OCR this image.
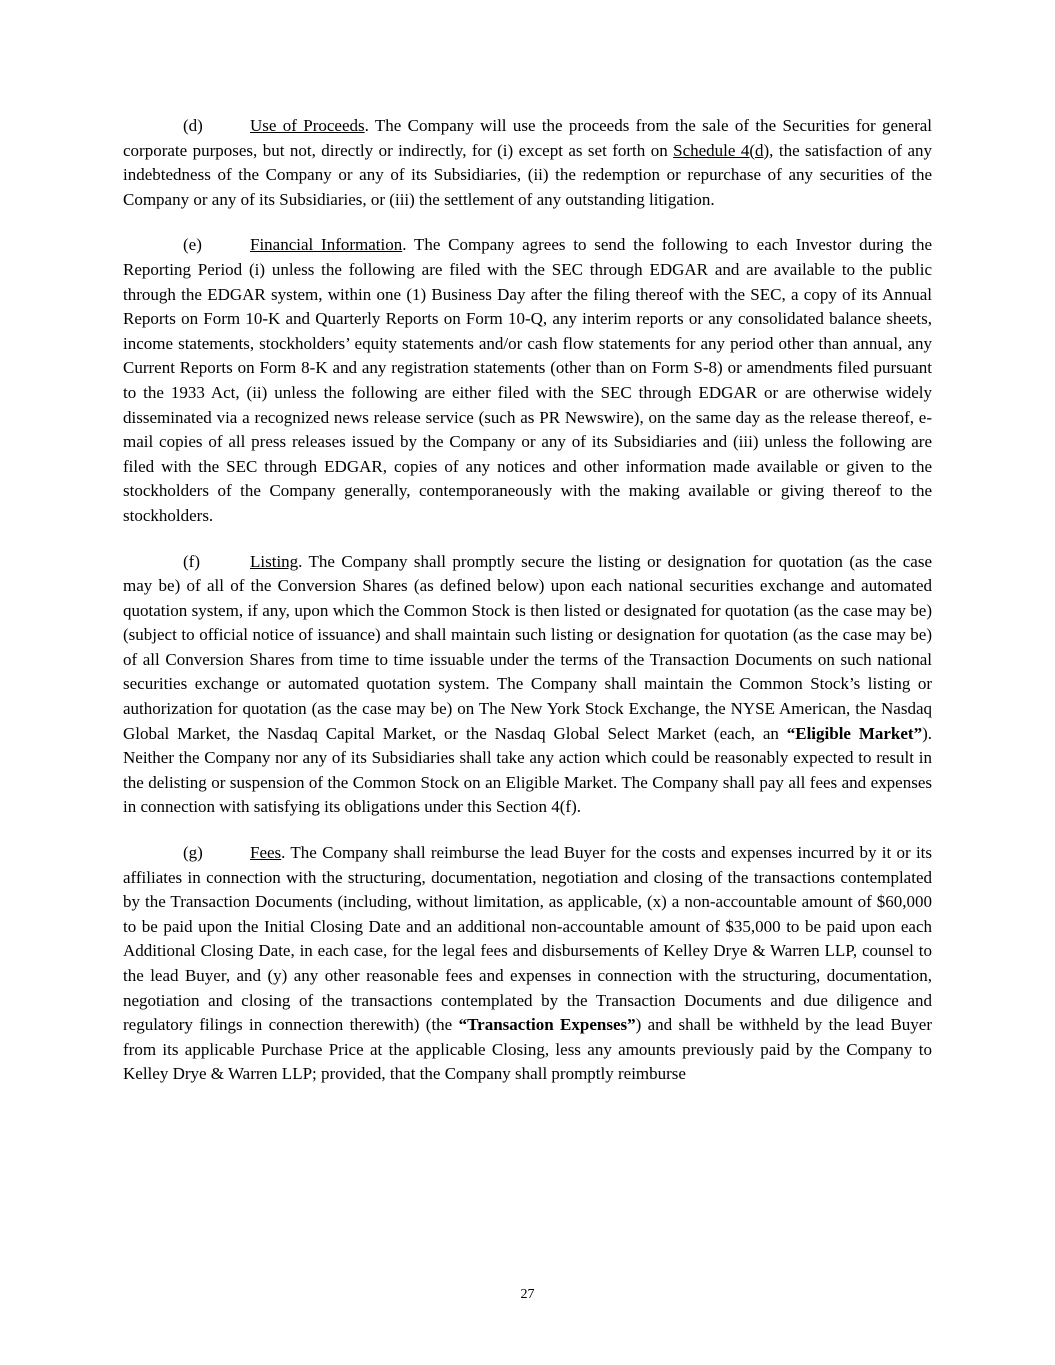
(d)	Use of Proceeds. The Company will use the proceeds from the sale of the Securities for general corporate purposes, but not, directly or indirectly, for (i) except as set forth on Schedule 4(d), the satisfaction of any indebtedness of the Company or any of its Subsidiaries, (ii) the redemption or repurchase of any securities of the Company or any of its Subsidiaries, or (iii) the settlement of any outstanding litigation.

(e)	Financial Information. The Company agrees to send the following to each Investor during the Reporting Period (i) unless the following are filed with the SEC through EDGAR and are available to the public through the EDGAR system, within one (1) Business Day after the filing thereof with the SEC, a copy of its Annual Reports on Form 10-K and Quarterly Reports on Form 10-Q, any interim reports or any consolidated balance sheets, income statements, stockholders’ equity statements and/or cash flow statements for any period other than annual, any Current Reports on Form 8-K and any registration statements (other than on Form S-8) or amendments filed pursuant to the 1933 Act, (ii) unless the following are either filed with the SEC through EDGAR or are otherwise widely disseminated via a recognized news release service (such as PR Newswire), on the same day as the release thereof, e-mail copies of all press releases issued by the Company or any of its Subsidiaries and (iii) unless the following are filed with the SEC through EDGAR, copies of any notices and other information made available or given to the stockholders of the Company generally, contemporaneously with the making available or giving thereof to the stockholders.

(f)	Listing. The Company shall promptly secure the listing or designation for quotation (as the case may be) of all of the Conversion Shares (as defined below) upon each national securities exchange and automated quotation system, if any, upon which the Common Stock is then listed or designated for quotation (as the case may be) (subject to official notice of issuance) and shall maintain such listing or designation for quotation (as the case may be) of all Conversion Shares from time to time issuable under the terms of the Transaction Documents on such national securities exchange or automated quotation system. The Company shall maintain the Common Stock’s listing or authorization for quotation (as the case may be) on The New York Stock Exchange, the NYSE American, the Nasdaq Global Market, the Nasdaq Capital Market, or the Nasdaq Global Select Market (each, an “Eligible Market”). Neither the Company nor any of its Subsidiaries shall take any action which could be reasonably expected to result in the delisting or suspension of the Common Stock on an Eligible Market. The Company shall pay all fees and expenses in connection with satisfying its obligations under this Section 4(f).

(g)	Fees. The Company shall reimburse the lead Buyer for the costs and expenses incurred by it or its affiliates in connection with the structuring, documentation, negotiation and closing of the transactions contemplated by the Transaction Documents (including, without limitation, as applicable, (x) a non-accountable amount of $60,000 to be paid upon the Initial Closing Date and an additional non-accountable amount of $35,000 to be paid upon each Additional Closing Date, in each case, for the legal fees and disbursements of Kelley Drye & Warren LLP, counsel to the lead Buyer, and (y) any other reasonable fees and expenses in connection with the structuring, documentation, negotiation and closing of the transactions contemplated by the Transaction Documents and due diligence and regulatory filings in connection therewith) (the “Transaction Expenses”) and shall be withheld by the lead Buyer from its applicable Purchase Price at the applicable Closing, less any amounts previously paid by the Company to Kelley Drye & Warren LLP; provided, that the Company shall promptly reimburse

27
